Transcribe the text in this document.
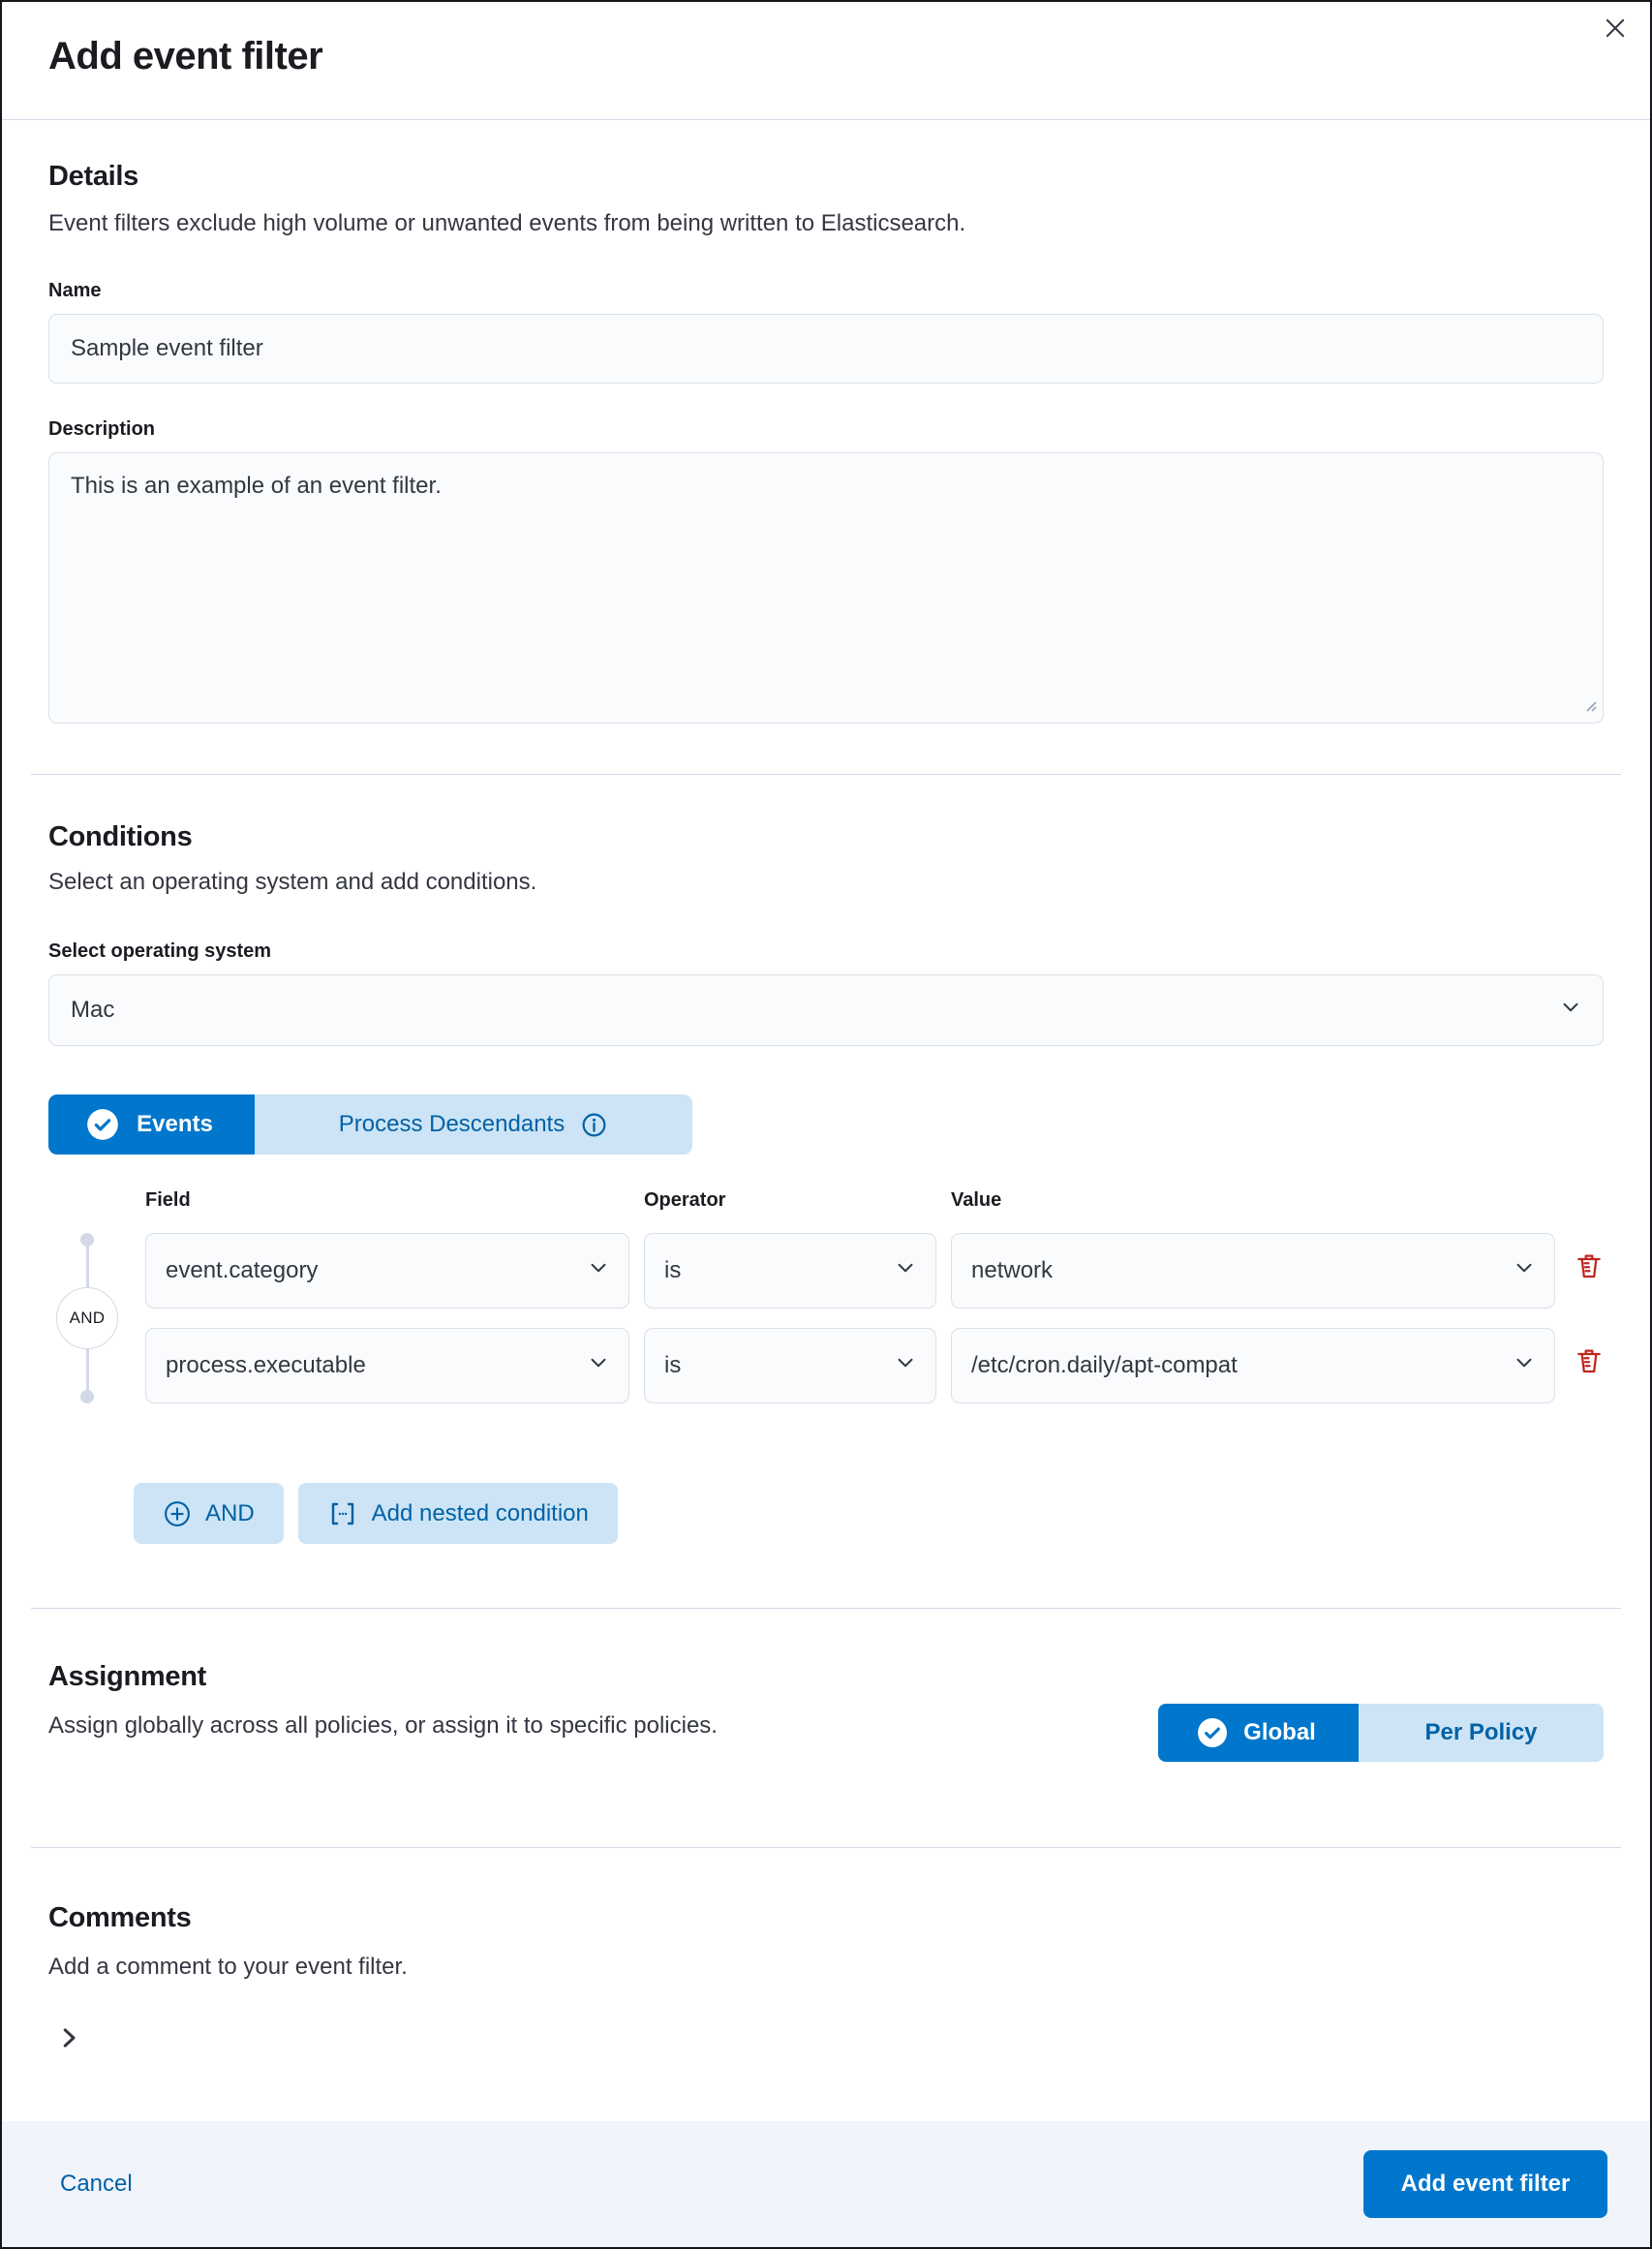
Add event filter
Details
Event filters exclude high volume or unwanted events from being written to Elasticsearch.
Name
Sample event filter
Description
This is an example of an event filter.
Conditions
Select an operating system and add conditions.
Select operating system
Mac
Events	Process Descendants
Field	Operator	Value
AND
event.category	is	network
process.executable	is	/etc/cron.daily/apt-compat
AND	Add nested condition
Assignment
Assign globally across all policies, or assign it to specific policies.	Global	Per Policy
Comments
Add a comment to your event filter.
Cancel	Add event filter
